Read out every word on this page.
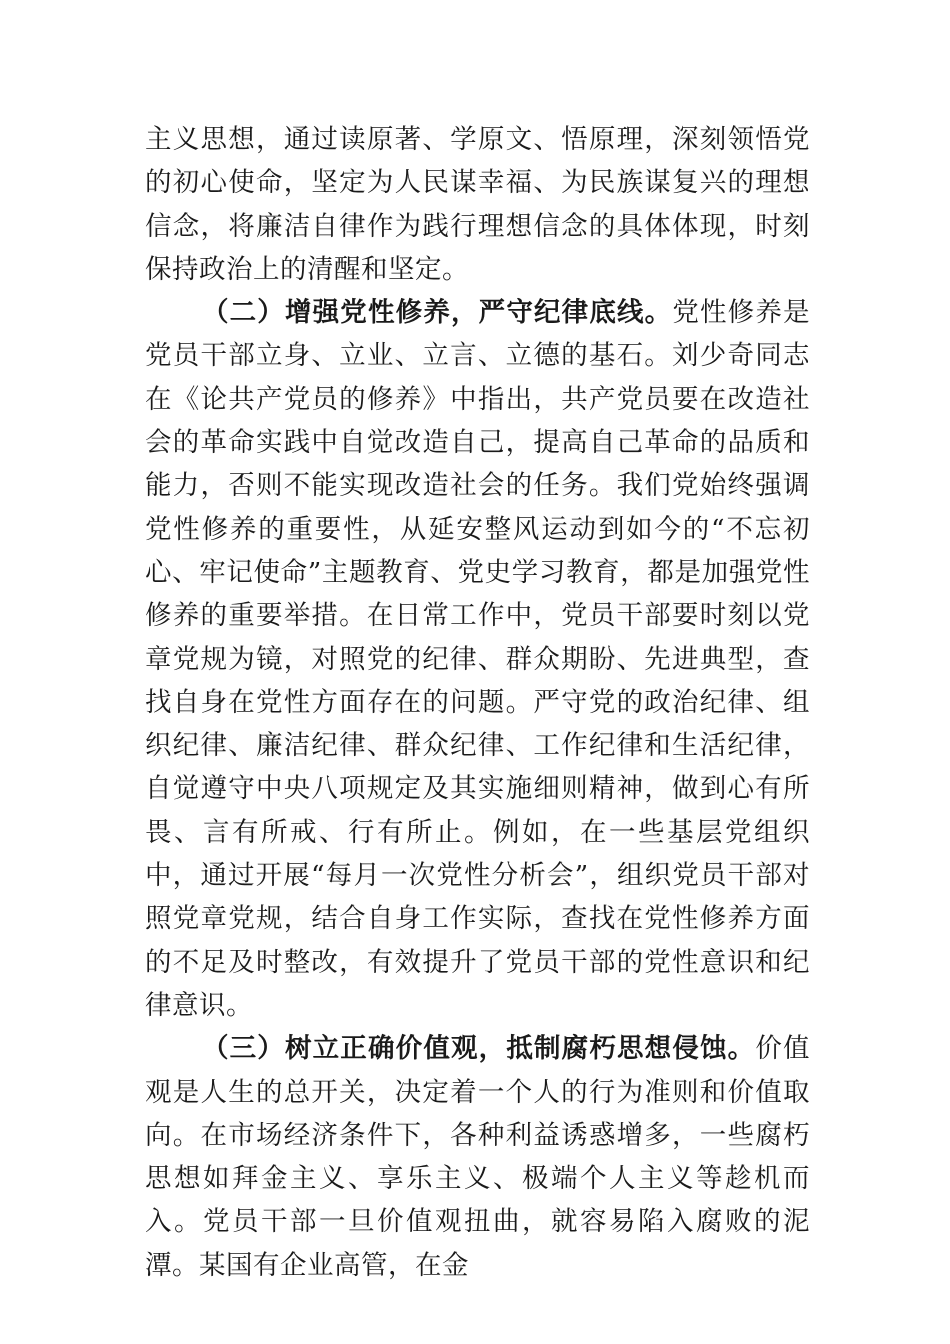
主义思想，通过读原著、学原文、悟原理，深刻领悟党的初心使命，坚定为人民谋幸福、为民族谋复兴的理想信念，将廉洁自律作为践行理想信念的具体体现，时刻保持政治上的清醒和坚定。

（二）增强党性修养，严守纪律底线。党性修养是党员干部立身、立业、立言、立德的基石。刘少奇同志在《论共产党员的修养》中指出，共产党员要在改造社会的革命实践中自觉改造自己，提高自己革命的品质和能力，否则不能实现改造社会的任务。我们党始终强调党性修养的重要性，从延安整风运动到如今的“不忘初心、牢记使命”主题教育、党史学习教育，都是加强党性修养的重要举措。在日常工作中，党员干部要时刻以党章党规为镜，对照党的纪律、群众期盼、先进典型，查找自身在党性方面存在的问题。严守党的政治纪律、组织纪律、廉洁纪律、群众纪律、工作纪律和生活纪律，自觉遵守中央八项规定及其实施细则精神，做到心有所畏、言有所戒、行有所止。例如，在一些基层党组织中，通过开展“每月一次党性分析会”，组织党员干部对照党章党规，结合自身工作实际，查找在党性修养方面的不足及时整改，有效提升了党员干部的党性意识和纪律意识。

（三）树立正确价值观，抵制腐朽思想侵蚀。价值观是人生的总开关，决定着一个人的行为准则和价值取向。在市场经济条件下，各种利益诱惑增多，一些腐朽思想如拜金主义、享乐主义、极端个人主义等趁机而入。党员干部一旦价值观扭曲，就容易陷入腐败的泥潭。某国有企业高管，在金
